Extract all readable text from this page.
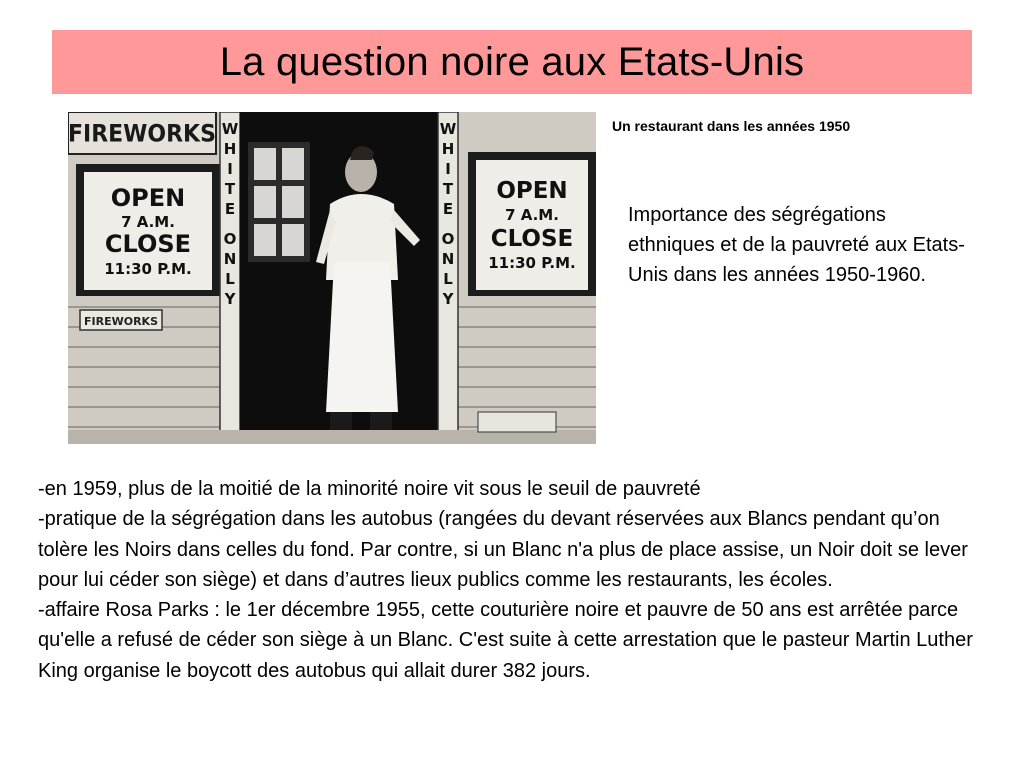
La question noire aux Etats-Unis
FIREWORKS
OPEN
7 A.M.
CLOSE
11:30 P.M.
FIREWORKS
W
H
I
T
E
O
N
L
Y
W
H
I
T
E
O
N
L
Y
OPEN
7 A.M.
CLOSE
11:30 P.M.
Un restaurant dans les années 1950
Importance des ségrégations ethniques et de la pauvreté aux Etats-Unis dans les années 1950-1960.

-en 1959, plus de la moitié de la minorité noire vit sous le seuil de pauvreté

-pratique de la ségrégation dans les autobus (rangées du devant réservées aux Blancs pendant qu’on tolère les Noirs dans celles du fond. Par contre, si un Blanc n'a plus de place assise, un Noir doit se lever pour lui céder son siège) et dans d’autres lieux publics comme les restaurants, les écoles.

-affaire Rosa Parks : le 1er décembre 1955, cette couturière noire et pauvre de 50 ans est arrêtée parce qu'elle a refusé de céder son siège à un Blanc. C'est suite à cette arrestation que le pasteur Martin Luther King organise le boycott des autobus qui allait durer 382 jours.
